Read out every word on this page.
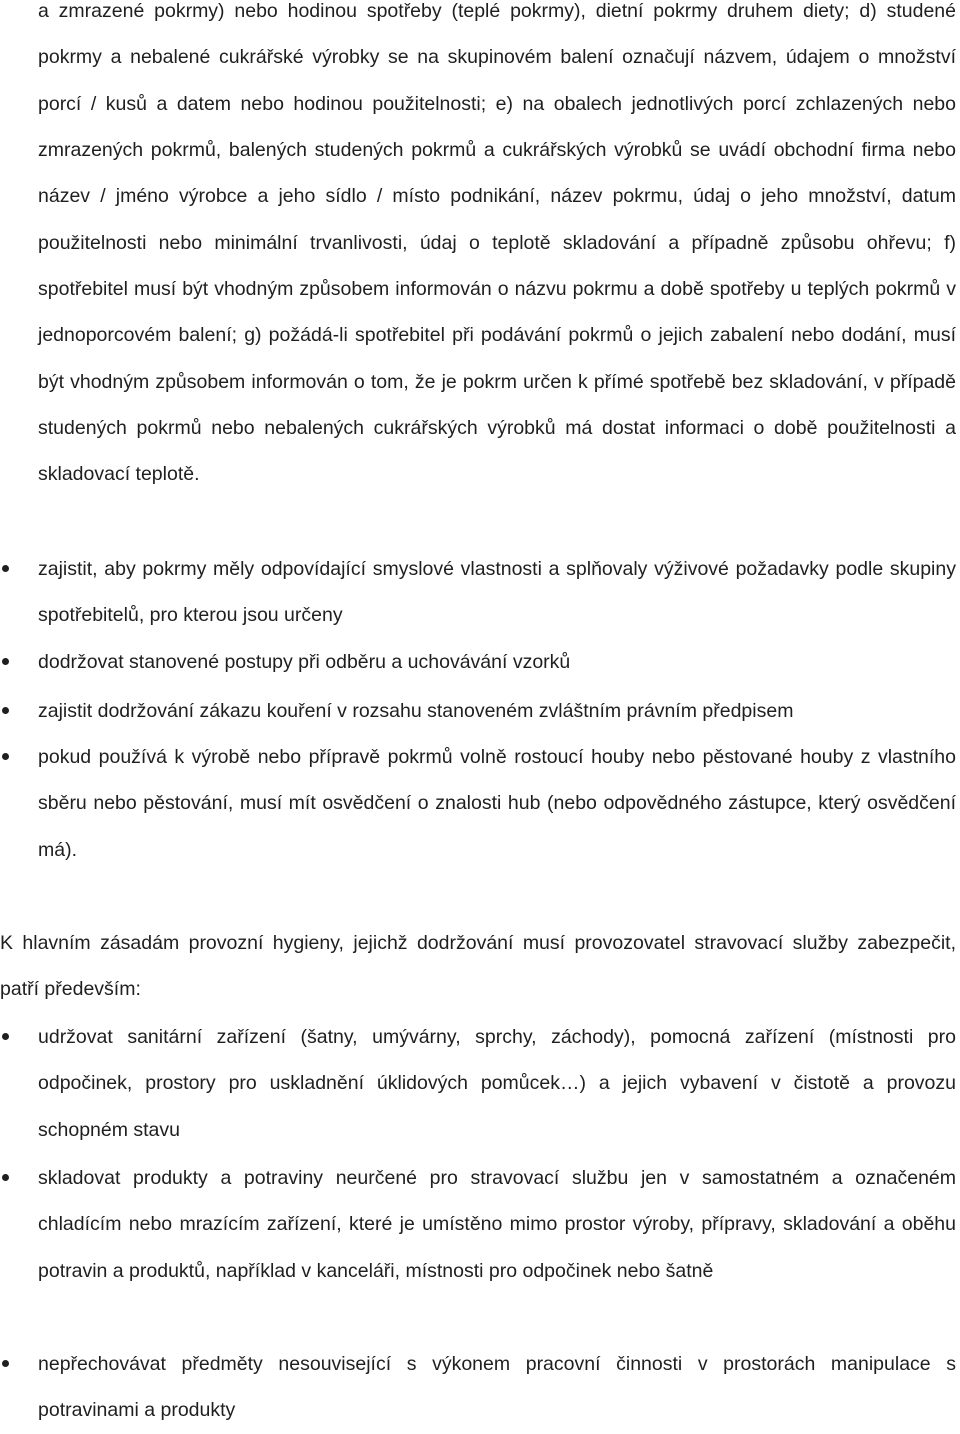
a zmrazené pokrmy) nebo hodinou spotřeby (teplé pokrmy), dietní pokrmy druhem diety; d) studené pokrmy a nebalené cukrářské výrobky se na skupinovém balení označují názvem, údajem o množství porcí / kusů a datem nebo hodinou použitelnosti; e) na obalech jednotlivých porcí zchlazených nebo zmrazených pokrmů, balených studených pokrmů a cukrářských výrobků se uvádí obchodní firma nebo název / jméno výrobce a jeho sídlo / místo podnikání, název pokrmu, údaj o jeho množství, datum použitelnosti nebo minimální trvanlivosti, údaj o teplotě skladování a případně způsobu ohřevu; f) spotřebitel musí být vhodným způsobem informován o názvu pokrmu a době spotřeby u teplých pokrmů v jednoporcovém balení; g) požádá-li spotřebitel při podávání pokrmů o jejich zabalení nebo dodání, musí být vhodným způsobem informován o tom, že je pokrm určen k přímé spotřebě bez skladování, v případě studených pokrmů nebo nebalených cukrářských výrobků má dostat informaci o době použitelnosti a skladovací teplotě.

zajistit, aby pokrmy měly odpovídající smyslové vlastnosti a splňovaly výživové požadavky podle skupiny spotřebitelů, pro kterou jsou určeny

dodržovat stanovené postupy při odběru a uchovávání vzorků

zajistit dodržování zákazu kouření v rozsahu stanoveném zvláštním právním předpisem

pokud používá k výrobě nebo přípravě pokrmů volně rostoucí houby nebo pěstované houby z vlastního sběru nebo pěstování, musí mít osvědčení o znalosti hub (nebo odpovědného zástupce, který osvědčení má).

K hlavním zásadám provozní hygieny, jejichž dodržování musí provozovatel stravovací služby zabezpečit, patří především:

udržovat sanitární zařízení (šatny, umývárny, sprchy, záchody), pomocná zařízení (místnosti pro odpočinek, prostory pro uskladnění úklidových pomůcek…) a jejich vybavení v čistotě a provozu schopném stavu

skladovat produkty a potraviny neurčené pro stravovací službu jen v samostatném a označeném chladícím nebo mrazícím zařízení, které je umístěno mimo prostor výroby, přípravy, skladování a oběhu potravin a produktů, například v kanceláři, místnosti pro odpočinek nebo šatně

nepřechovávat předměty nesouvisející s výkonem pracovní činnosti v prostorách manipulace s potravinami a produkty
